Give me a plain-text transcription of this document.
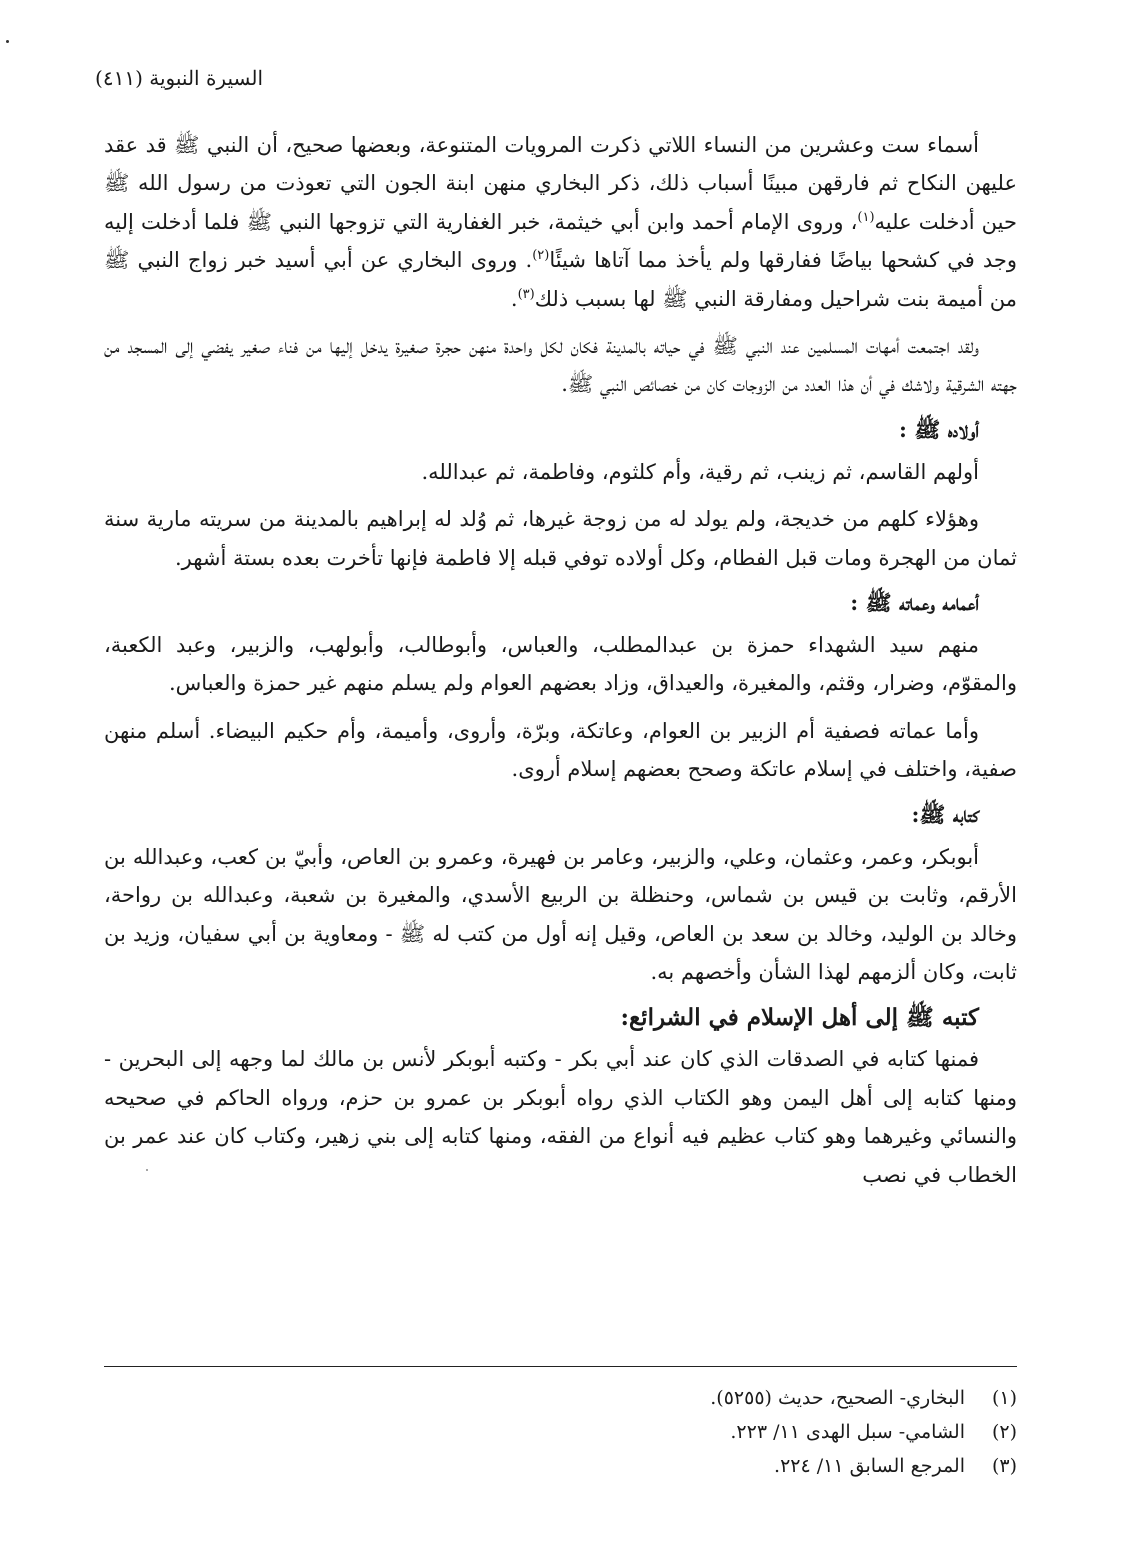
السيرة النبوية (٤١١)

أسماء ست وعشرين من النساء اللاتي ذكرت المرويات المتنوعة، وبعضها صحيح، أن النبي ﷺ قد عقد عليهن النكاح ثم فارقهن مبينًا أسباب ذلك، ذكر البخاري منهن ابنة الجون التي تعوذت من رسول الله ﷺ حين أدخلت عليه$^{(١)}$، وروى الإمام أحمد وابن أبي خيثمة، خبر الغفارية التي تزوجها النبي ﷺ فلما أدخلت إليه وجد في كشحها بياضًا ففارقها ولم يأخذ مما آتاها شيئًا$^{(٢)}$. وروى البخاري عن أبي أسيد خبر زواج النبي ﷺ من أميمة بنت شراحيل ومفارقة النبي ﷺ لها بسبب ذلك$^{(٣)}$.

ولقد اجتمعت أمهات المسلمين عند النبي ﷺ في حياته بالمدينة فكان لكل واحدة منهن حجرة صغيرة يدخل إليها من فناء صغير يفضي إلى المسجد من جهته الشرقية ولاشك في أن هذا العدد من الزوجات كان من خصائص النبي ﷺ.

أولاده ﷺ :

أولهم القاسم، ثم زينب، ثم رقية، وأم كلثوم، وفاطمة، ثم عبدالله.

وهؤلاء كلهم من خديجة، ولم يولد له من زوجة غيرها، ثم وُلد له إبراهيم بالمدينة من سريته مارية سنة ثمان من الهجرة ومات قبل الفطام، وكل أولاده توفي قبله إلا فاطمة فإنها تأخرت بعده بستة أشهر.

أعمامه وعماته ﷺ :

منهم سيد الشهداء حمزة بن عبدالمطلب، والعباس، وأبوطالب، وأبولهب، والزبير، وعبد الكعبة، والمقوّم، وضرار، وقثم، والمغيرة، والعيداق، وزاد بعضهم العوام ولم يسلم منهم غير حمزة والعباس.

وأما عماته فصفية أم الزبير بن العوام، وعاتكة، وبرّة، وأروى، وأميمة، وأم حكيم البيضاء. أسلم منهن صفية، واختلف في إسلام عاتكة وصحح بعضهم إسلام أروى.

كتابه ﷺ:

أبوبكر، وعمر، وعثمان، وعلي، والزبير، وعامر بن فهيرة، وعمرو بن العاص، وأبيّ بن كعب، وعبدالله بن الأرقم، وثابت بن قيس بن شماس، وحنظلة بن الربيع الأسدي، والمغيرة بن شعبة، وعبدالله بن رواحة، وخالد بن الوليد، وخالد بن سعد بن العاص، وقيل إنه أول من كتب له ﷺ - ومعاوية بن أبي سفيان، وزيد بن ثابت، وكان ألزمهم لهذا الشأن وأخصهم به.

كتبه ﷺ إلى أهل الإسلام في الشرائع:

فمنها كتابه في الصدقات الذي كان عند أبي بكر - وكتبه أبوبكر لأنس بن مالك لما وجهه إلى البحرين - ومنها كتابه إلى أهل اليمن وهو الكتاب الذي رواه أبوبكر بن عمرو بن حزم، ورواه الحاكم في صحيحه والنسائي وغيرهما وهو كتاب عظيم فيه أنواع من الفقه، ومنها كتابه إلى بني زهير، وكتاب كان عند عمر بن الخطاب في نصب

(١)
البخاري- الصحيح، حديث (٥٢٥٥).
(٢)
الشامي- سبل الهدى ١١/ ٢٢٣.
(٣)
المرجع السابق ١١/ ٢٢٤.
